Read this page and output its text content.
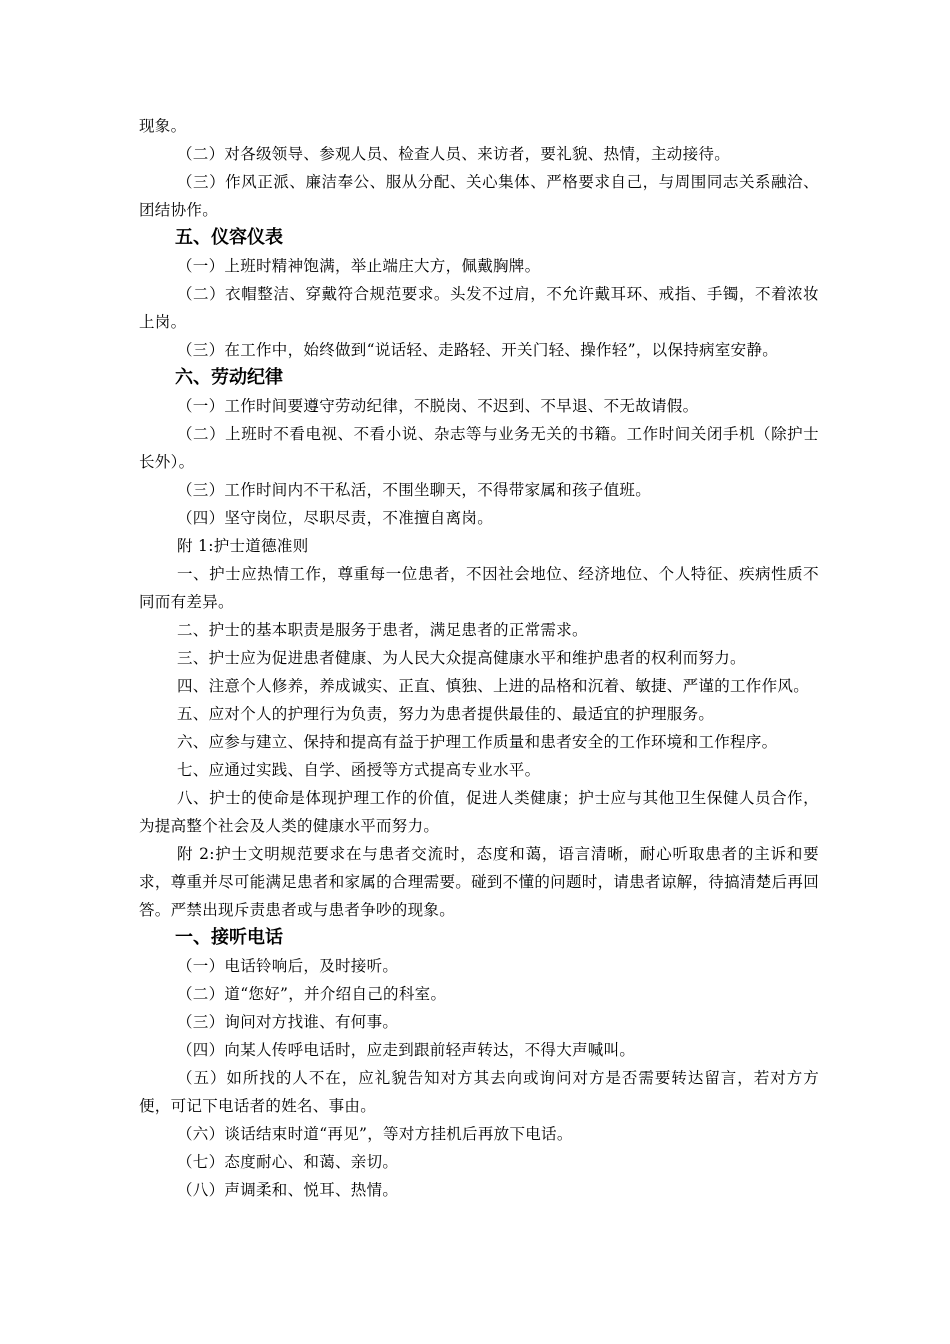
现象。

（二）对各级领导、参观人员、检查人员、来访者，要礼貌、热情，主动接待。

（三）作风正派、廉洁奉公、服从分配、关心集体、严格要求自己，与周围同志关系融洽、团结协作。

五、仪容仪表

（一）上班时精神饱满，举止端庄大方，佩戴胸牌。

（二）衣帽整洁、穿戴符合规范要求。头发不过肩，不允许戴耳环、戒指、手镯，不着浓妆上岗。

（三）在工作中，始终做到“说话轻、走路轻、开关门轻、操作轻”，以保持病室安静。

六、劳动纪律

（一）工作时间要遵守劳动纪律，不脱岗、不迟到、不早退、不无故请假。

（二）上班时不看电视、不看小说、杂志等与业务无关的书籍。工作时间关闭手机（除护士长外）。

（三）工作时间内不干私活，不围坐聊天，不得带家属和孩子值班。

（四）坚守岗位，尽职尽责，不准擅自离岗。

附 1:护士道德准则

一、护士应热情工作，尊重每一位患者，不因社会地位、经济地位、个人特征、疾病性质不同而有差异。

二、护士的基本职责是服务于患者，满足患者的正常需求。

三、护士应为促进患者健康、为人民大众提高健康水平和维护患者的权利而努力。

四、注意个人修养，养成诚实、正直、慎独、上进的品格和沉着、敏捷、严谨的工作作风。

五、应对个人的护理行为负责，努力为患者提供最佳的、最适宜的护理服务。

六、应参与建立、保持和提高有益于护理工作质量和患者安全的工作环境和工作程序。

七、应通过实践、自学、函授等方式提高专业水平。

八、护士的使命是体现护理工作的价值，促进人类健康；护士应与其他卫生保健人员合作，为提高整个社会及人类的健康水平而努力。

附 2:护士文明规范要求在与患者交流时，态度和蔼，语言清晰，耐心听取患者的主诉和要求，尊重并尽可能满足患者和家属的合理需要。碰到不懂的问题时，请患者谅解，待搞清楚后再回答。严禁出现斥责患者或与患者争吵的现象。

一、接听电话

（一）电话铃响后，及时接听。

（二）道“您好”，并介绍自己的科室。

（三）询问对方找谁、有何事。

（四）向某人传呼电话时，应走到跟前轻声转达，不得大声喊叫。

（五）如所找的人不在，应礼貌告知对方其去向或询问对方是否需要转达留言，若对方方便，可记下电话者的姓名、事由。

（六）谈话结束时道“再见”，等对方挂机后再放下电话。

（七）态度耐心、和蔼、亲切。

（八）声调柔和、悦耳、热情。
